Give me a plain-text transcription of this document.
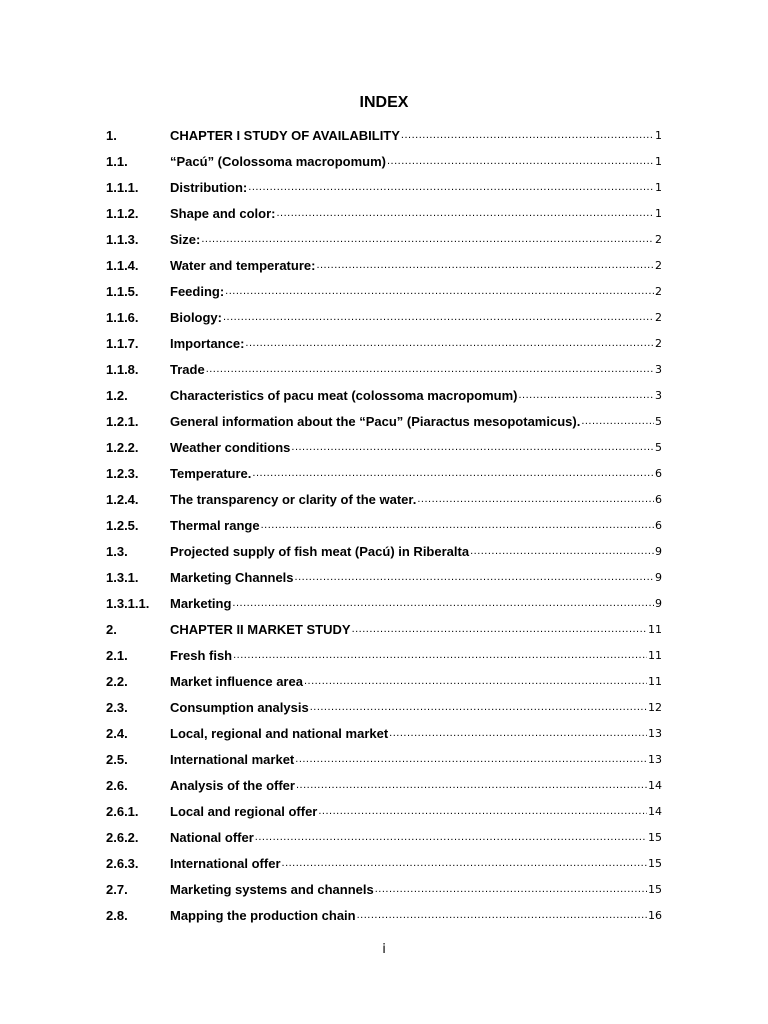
INDEX
1.	CHAPTER I STUDY OF AVAILABILITY .....	1
1.1.	“Pacú” (Colossoma macropomum) .....	1
1.1.1.	Distribution: .....	1
1.1.2.	Shape and color: .....	1
1.1.3.	Size: .....	2
1.1.4.	Water and temperature: .....	2
1.1.5.	Feeding: .....	2
1.1.6.	Biology: .....	2
1.1.7.	Importance: .....	2
1.1.8.	Trade .....	3
1.2.	Characteristics of pacu meat (colossoma macropomum) .....	3
1.2.1.	General information about the “Pacu” (Piaractus mesopotamicus). .....	5
1.2.2.	Weather conditions .....	5
1.2.3.	Temperature. .....	6
1.2.4.	The transparency or clarity of the water. .....	6
1.2.5.	Thermal range .....	6
1.3.	Projected supply of fish meat (Pacú) in Riberalta .....	9
1.3.1.	Marketing Channels .....	9
1.3.1.1.	Marketing .....	9
2.	CHAPTER II MARKET STUDY .....	11
2.1.	Fresh fish .....	11
2.2.	Market influence area .....	11
2.3.	Consumption analysis .....	12
2.4.	Local, regional and national market .....	13
2.5.	International market .....	13
2.6.	Analysis of the offer .....	14
2.6.1.	Local and regional offer .....	14
2.6.2.	National offer .....	15
2.6.3.	International offer .....	15
2.7.	Marketing systems and channels .....	15
2.8.	Mapping the production chain .....	16
i
